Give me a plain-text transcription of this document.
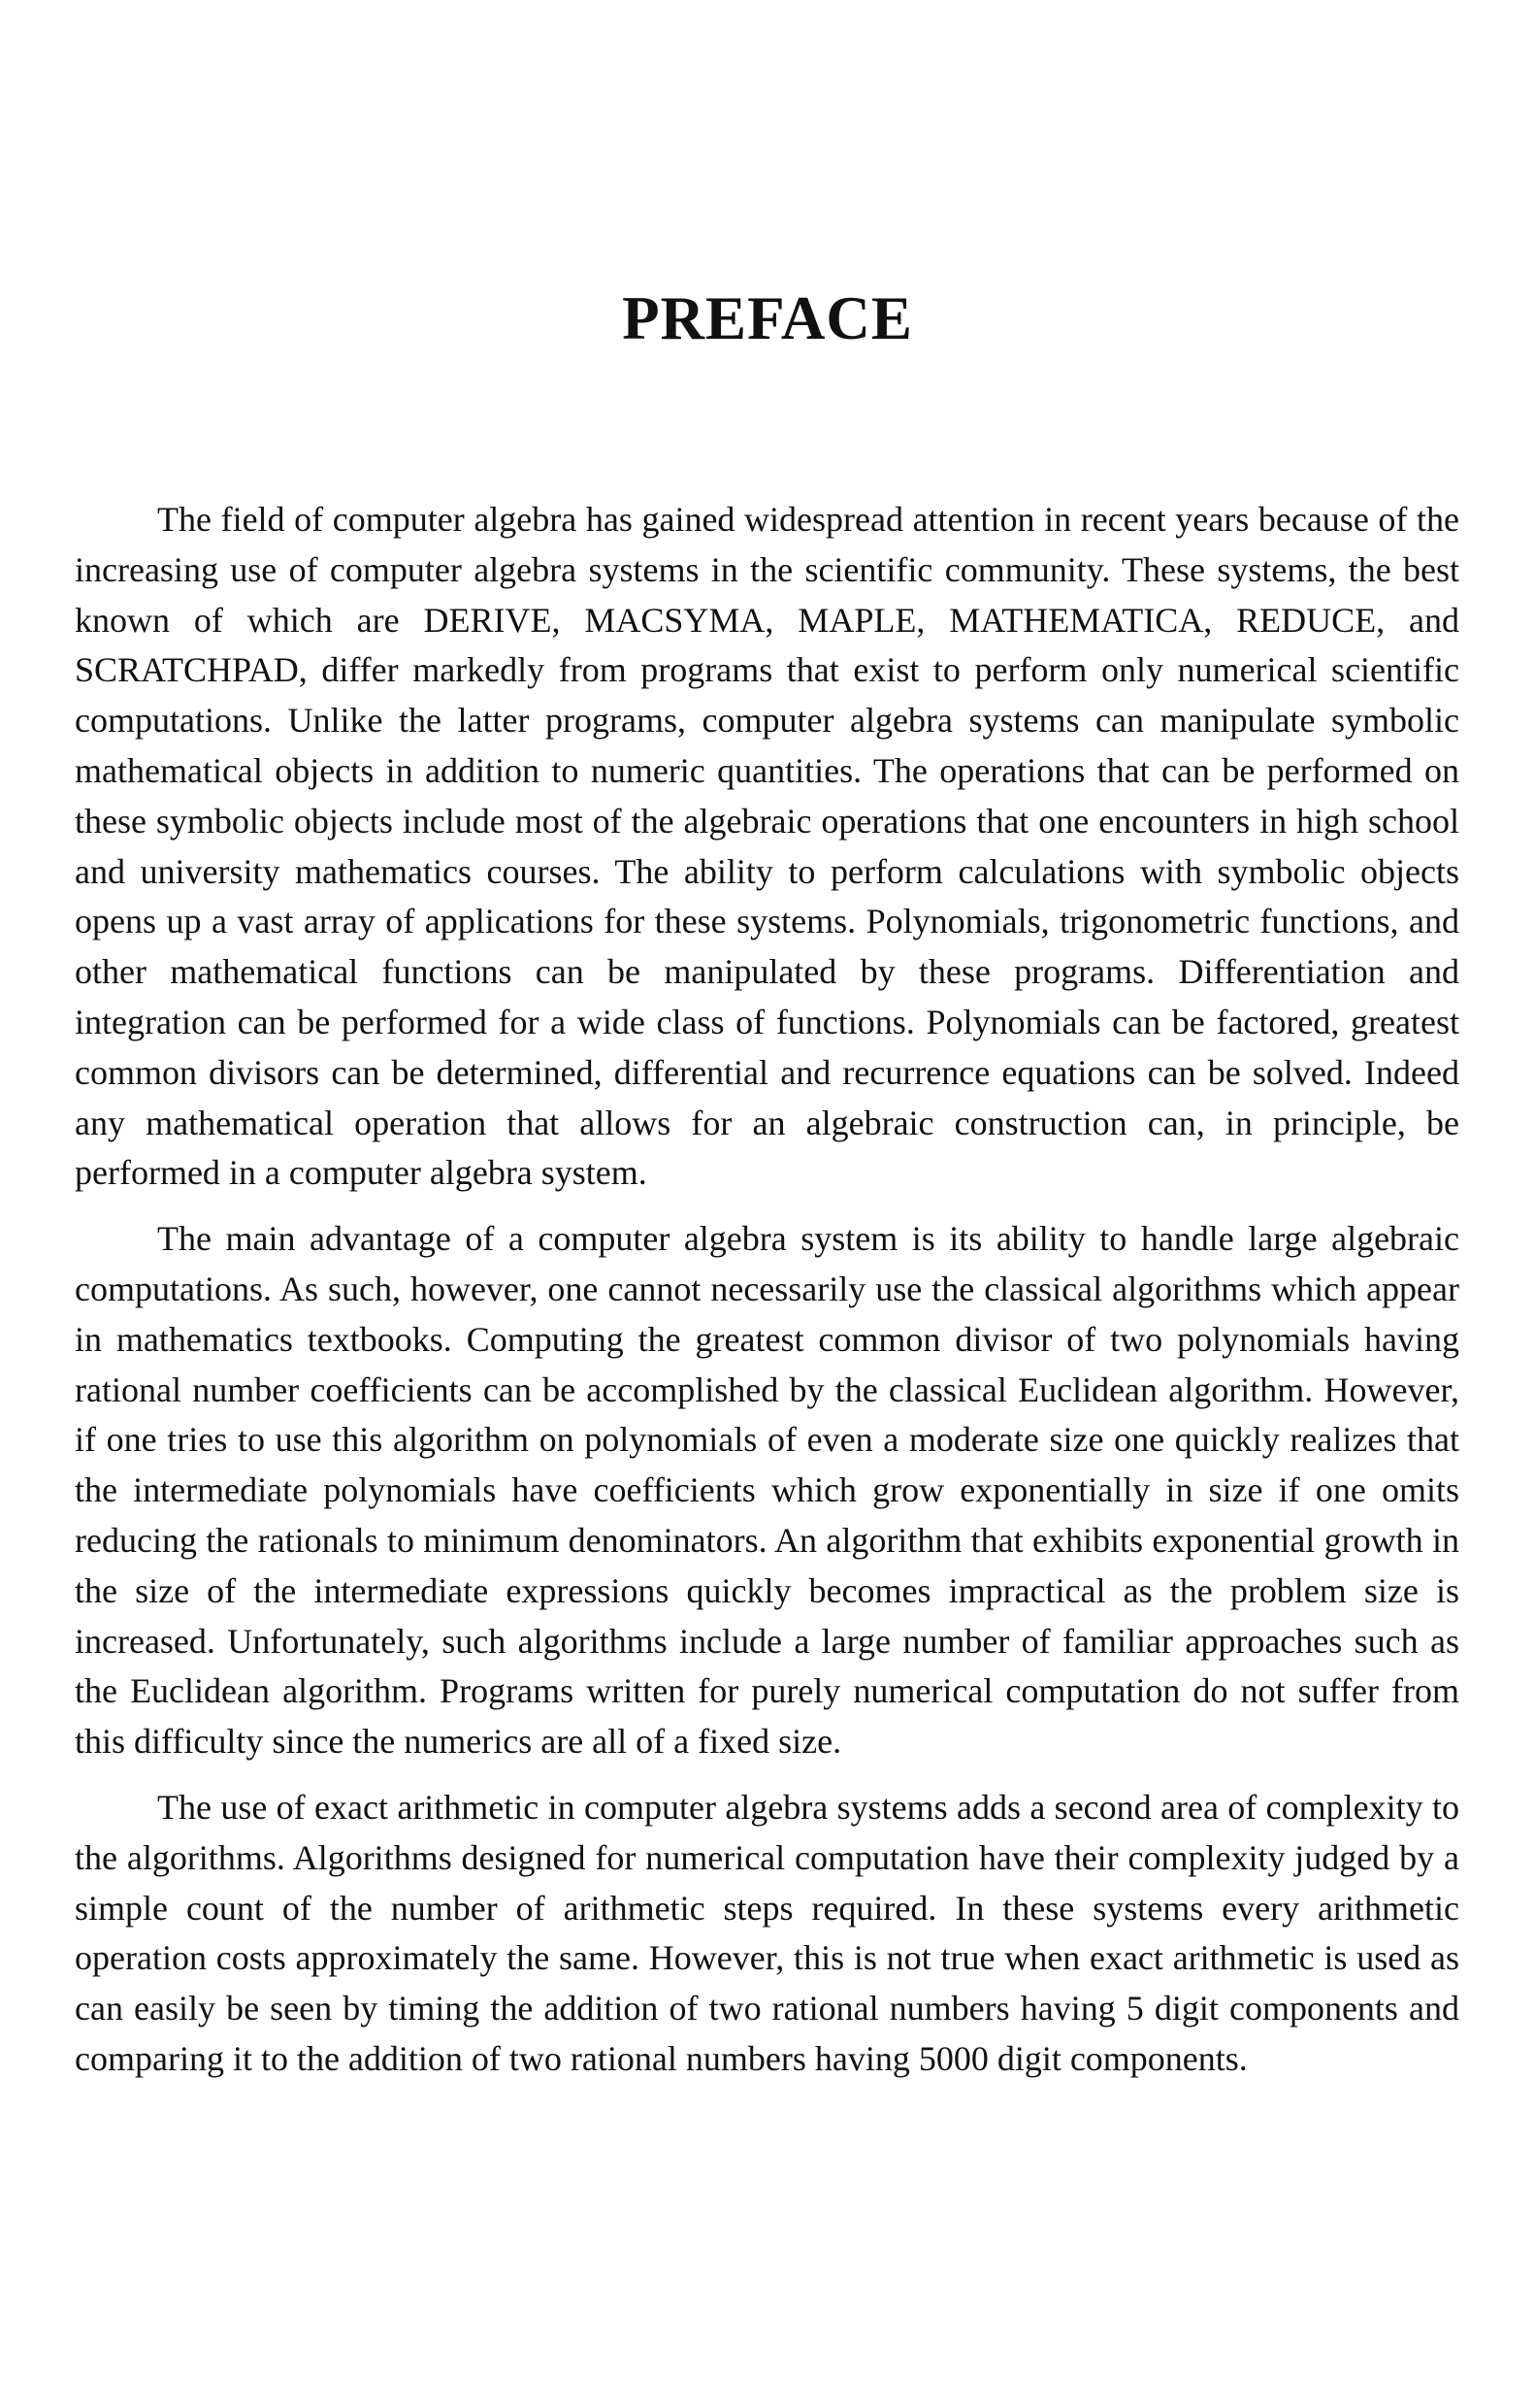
PREFACE

The field of computer algebra has gained widespread attention in recent years because of the increasing use of computer algebra systems in the scientific community. These systems, the best known of which are DERIVE, MACSYMA, MAPLE, MATHEMATICA, REDUCE, and SCRATCHPAD, differ markedly from programs that exist to perform only numerical scientific computations. Unlike the latter programs, computer algebra systems can manipulate symbolic mathematical objects in addition to numeric quantities. The operations that can be performed on these symbolic objects include most of the algebraic operations that one encounters in high school and university mathematics courses. The ability to perform calculations with symbolic objects opens up a vast array of applications for these systems. Polynomials, trigonometric functions, and other mathematical functions can be manipulated by these programs. Differentiation and integration can be performed for a wide class of functions. Polynomials can be factored, greatest common divisors can be determined, differential and recurrence equations can be solved. Indeed any mathematical operation that allows for an algebraic construction can, in principle, be performed in a computer algebra system.

The main advantage of a computer algebra system is its ability to handle large algebraic computations. As such, however, one cannot necessarily use the classical algorithms which appear in mathematics textbooks. Computing the greatest common divisor of two polynomials having rational number coefficients can be accomplished by the classical Euclidean algorithm. However, if one tries to use this algorithm on polynomials of even a moderate size one quickly realizes that the intermediate polynomials have coefficients which grow exponentially in size if one omits reducing the rationals to minimum denominators. An algorithm that exhibits exponential growth in the size of the intermediate expressions quickly becomes impractical as the problem size is increased. Unfortunately, such algorithms include a large number of familiar approaches such as the Euclidean algorithm. Programs written for purely numerical computation do not suffer from this difficulty since the numerics are all of a fixed size.

The use of exact arithmetic in computer algebra systems adds a second area of complexity to the algorithms. Algorithms designed for numerical computation have their complexity judged by a simple count of the number of arithmetic steps required. In these systems every arithmetic operation costs approximately the same. However, this is not true when exact arithmetic is used as can easily be seen by timing the addition of two rational numbers having 5 digit components and comparing it to the addition of two rational numbers having 5000 digit components.
